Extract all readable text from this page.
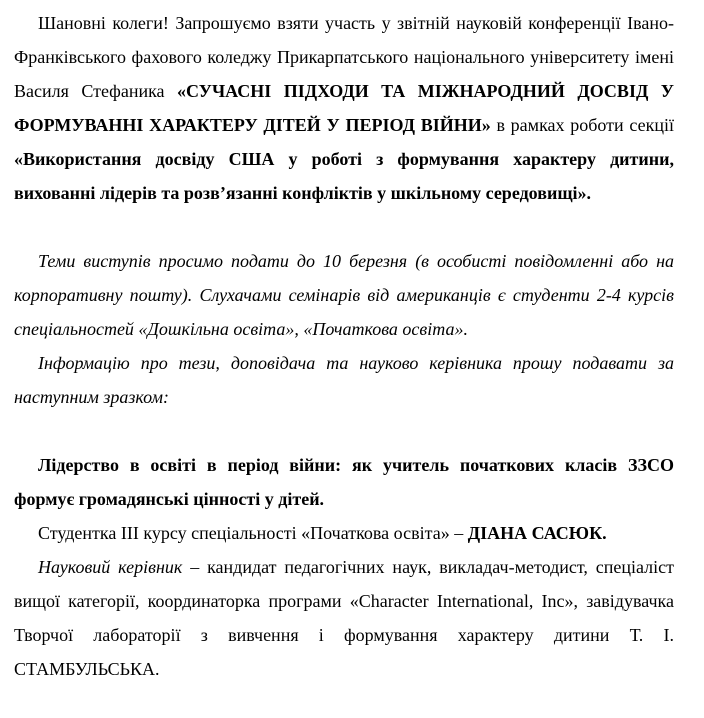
Шановні колеги! Запрошуємо взяти участь у звітній науковій конференції Івано-Франківського фахового коледжу Прикарпатського національного університету імені Василя Стефаника «СУЧАСНІ ПІДХОДИ ТА МІЖНАРОДНИЙ ДОСВІД У ФОРМУВАННІ ХАРАКТЕРУ ДІТЕЙ У ПЕРІОД ВІЙНИ» в рамках роботи секції «Використання досвіду США у роботі з формування характеру дитини, вихованні лідерів та розв’язанні конфліктів у шкільному середовищі».

Теми виступів просимо подати до 10 березня (в особисті повідомленні або на корпоративну пошту). Слухачами семінарів від американців є студенти 2-4 курсів спеціальностей «Дошкільна освіта», «Початкова освіта».

Інформацію про тези, доповідача та науково керівника прошу подавати за наступним зразком:

Лідерство в освіті в період війни: як учитель початкових класів ЗЗСО формує громадянські цінності у дітей.

Студентка ІІІ курсу спеціальності «Початкова освіта» – ДІАНА САСЮК.

Науковий керівник – кандидат педагогічних наук, викладач-методист, спеціаліст вищої категорії, координаторка програми «Character International, Inc», завідувачка Творчої лабораторії з вивчення і формування характеру дитини Т. І. СТАМБУЛЬСЬКА.
